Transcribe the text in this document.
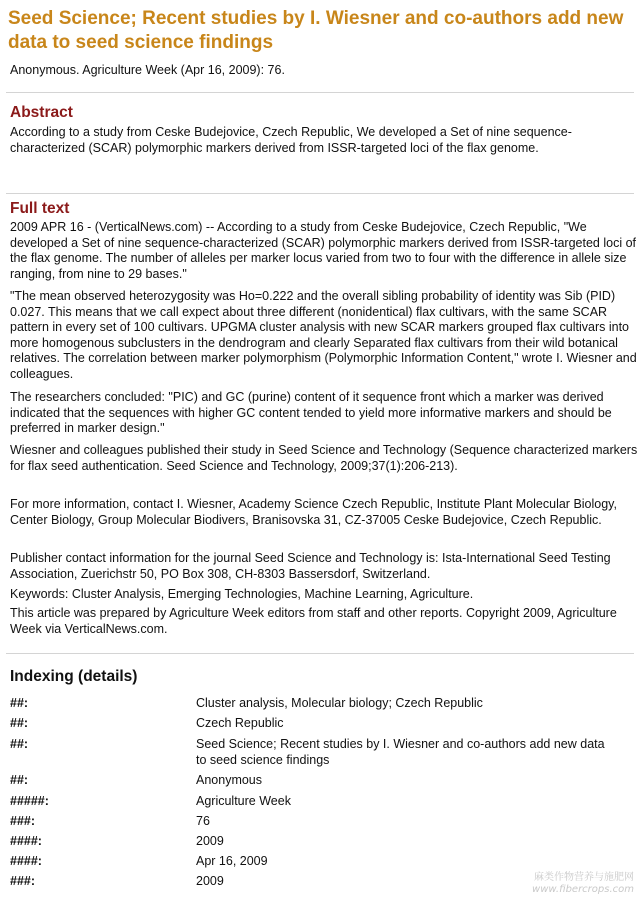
Seed Science; Recent studies by I. Wiesner and co-authors add new data to seed science findings
Anonymous. Agriculture Week (Apr 16, 2009): 76.
Abstract

According to a study from Ceske Budejovice, Czech Republic, We developed a Set of nine sequence-characterized (SCAR) polymorphic markers derived from ISSR-targeted loci of the flax genome.

Full text

2009 APR 16 - (VerticalNews.com) -- According to a study from Ceske Budejovice, Czech Republic, "We developed a Set of nine sequence-characterized (SCAR) polymorphic markers derived from ISSR-targeted loci of the flax genome. The number of alleles per marker locus varied from two to four with the difference in allele size ranging, from nine to 29 bases."

"The mean observed heterozygosity was Ho=0.222 and the overall sibling probability of identity was Sib (PID) 0.027. This means that we call expect about three different (nonidentical) flax cultivars, with the same SCAR pattern in every set of 100 cultivars. UPGMA cluster analysis with new SCAR markers grouped flax cultivars into more homogenous subclusters in the dendrogram and clearly Separated flax cultivars from their wild botanical relatives. The correlation between marker polymorphism (Polymorphic Information Content," wrote I. Wiesner and colleagues.

The researchers concluded: "PIC) and GC (purine) content of it sequence front which a marker was derived indicated that the sequences with higher GC content tended to yield more informative markers and should be preferred in marker design."

Wiesner and colleagues published their study in Seed Science and Technology (Sequence characterized markers for flax seed authentication. Seed Science and Technology, 2009;37(1):206-213).

For more information, contact I. Wiesner, Academy Science Czech Republic, Institute Plant Molecular Biology, Center Biology, Group Molecular Biodivers, Branisovska 31, CZ-37005 Ceske Budejovice, Czech Republic.

Publisher contact information for the journal Seed Science and Technology is: Ista-International Seed Testing Association, Zuerichstr 50, PO Box 308, CH-8303 Bassersdorf, Switzerland.

Keywords: Cluster Analysis, Emerging Technologies, Machine Learning, Agriculture.

This article was prepared by Agriculture Week editors from staff and other reports. Copyright 2009, Agriculture Week via VerticalNews.com.

Indexing (details)
##:	Cluster analysis, Molecular biology; Czech Republic
##:	Czech Republic
##:	Seed Science; Recent studies by I. Wiesner and co-authors add new data to seed science findings
##:	Anonymous
#####:	Agriculture Week
###:	76
####:	2009
####:	Apr 16, 2009
###:	2009	麻类作物营养与施肥网
www.fibercrops.com
